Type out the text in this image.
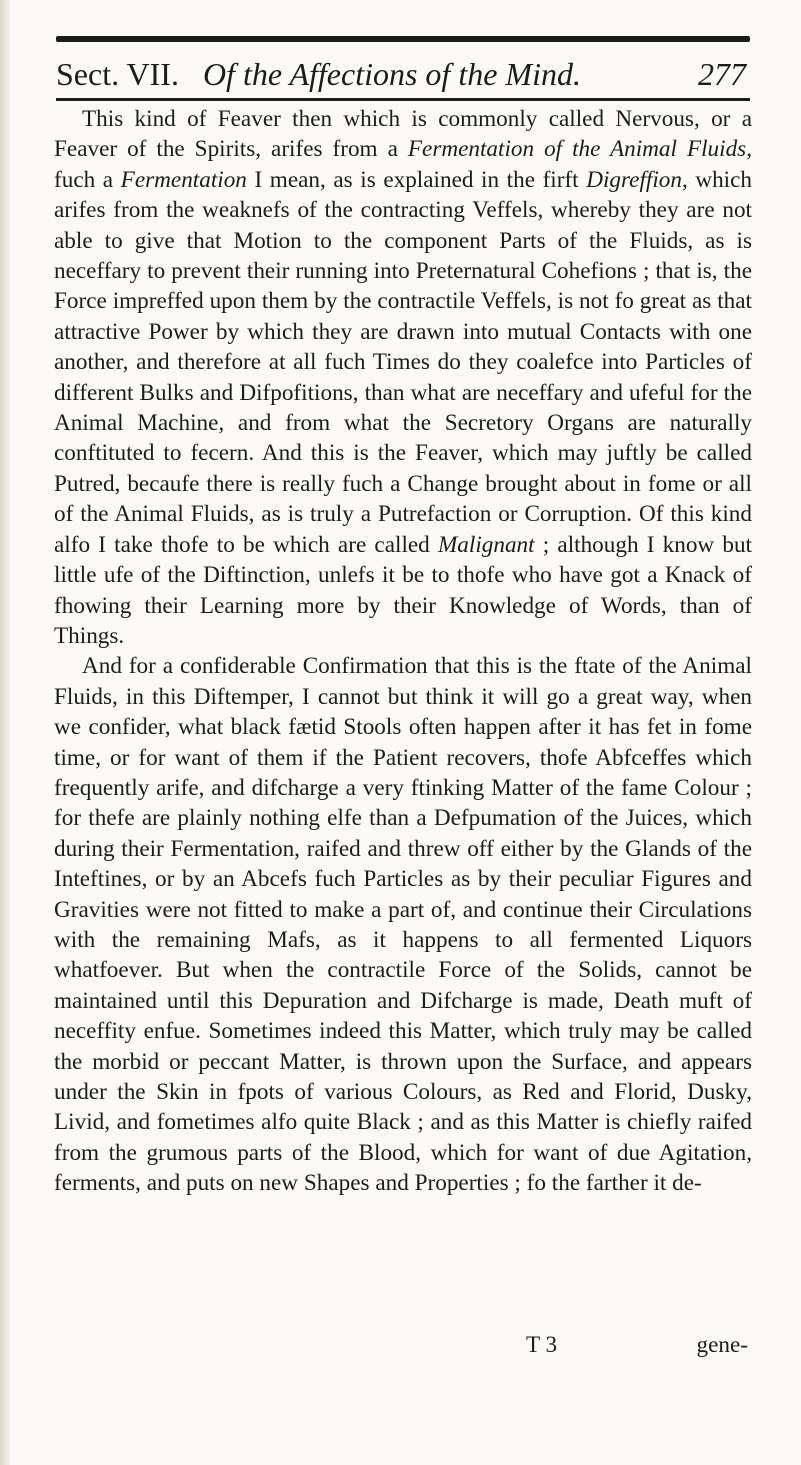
Sect. VII. Of the Affections of the Mind.	277

This kind of Feaver then which is commonly called Nervous, or a Feaver of the Spirits, arifes from a Fermentation of the Animal Fluids, fuch a Fermentation I mean, as is explained in the firft Digreffion, which arifes from the weaknefs of the contracting Veffels, whereby they are not able to give that Motion to the component Parts of the Fluids, as is neceffary to prevent their running into Preternatural Cohefions ; that is, the Force impreffed upon them by the contractile Veffels, is not fo great as that attractive Power by which they are drawn into mutual Contacts with one another, and therefore at all fuch Times do they coalefce into Particles of different Bulks and Difpofitions, than what are neceffary and ufeful for the Animal Machine, and from what the Secretory Organs are naturally conftituted to fecern. And this is the Feaver, which may juftly be called Putred, becaufe there is really fuch a Change brought about in fome or all of the Animal Fluids, as is truly a Putrefaction or Corruption. Of this kind alfo I take thofe to be which are called Malignant ; although I know but little ufe of the Diftinction, unlefs it be to thofe who have got a Knack of fhowing their Learning more by their Knowledge of Words, than of Things.

And for a confiderable Confirmation that this is the ftate of the Animal Fluids, in this Diftemper, I cannot but think it will go a great way, when we confider, what black fætid Stools often happen after it has fet in fome time, or for want of them if the Patient recovers, thofe Abfceffes which frequently arife, and difcharge a very ftinking Matter of the fame Colour ; for thefe are plainly nothing elfe than a Defpumation of the Juices, which during their Fermentation, raifed and threw off either by the Glands of the Inteftines, or by an Abcefs fuch Particles as by their peculiar Figures and Gravities were not fitted to make a part of, and continue their Circulations with the remaining Mafs, as it happens to all fermented Liquors whatfoever. But when the contractile Force of the Solids, cannot be maintained until this Depuration and Difcharge is made, Death muft of neceffity enfue. Sometimes indeed this Matter, which truly may be called the morbid or peccant Matter, is thrown upon the Surface, and appears under the Skin in fpots of various Colours, as Red and Florid, Dusky, Livid, and fometimes alfo quite Black ; and as this Matter is chiefly raifed from the grumous parts of the Blood, which for want of due Agitation, ferments, and puts on new Shapes and Properties ; fo the farther it de-

T 3	gene-
